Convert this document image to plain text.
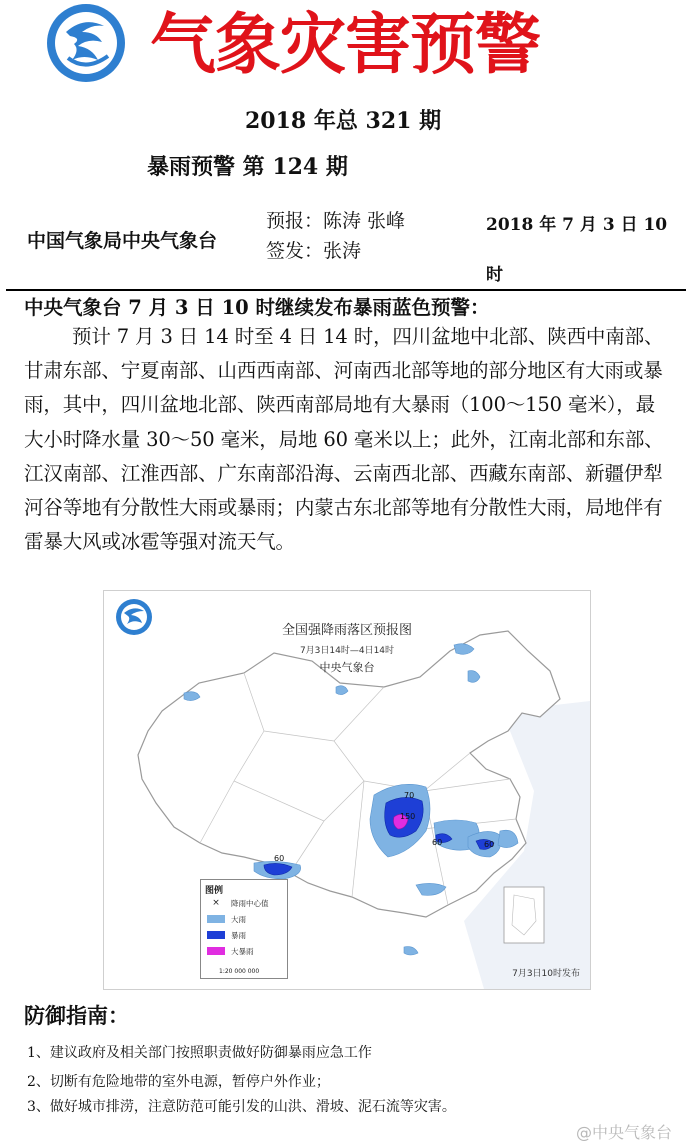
气象灾害预警
2018 年总 321 期
暴雨预警 第 124 期
中国气象局中央气象台
预报：陈涛 张峰
签发：张涛
2018 年 7 月 3 日 10 时
中央气象台 7 月 3 日 10 时继续发布暴雨蓝色预警：

预计 7 月 3 日 14 时至 4 日 14 时，四川盆地中北部、陕西中南部、甘肃东部、宁夏南部、山西西南部、河南西北部等地的部分地区有大雨或暴雨，其中，四川盆地北部、陕西南部局地有大暴雨（100～150 毫米），最大小时降水量 30～50 毫米，局地 60 毫米以上；此外，江南北部和东部、江汉南部、江淮西部、广东南部沿海、云南西北部、西藏东南部、新疆伊犁河谷等地有分散性大雨或暴雨；内蒙古东北部等地有分散性大雨，局地伴有雷暴大风或冰雹等强对流天气。

70
150
60	60
60
全国强降雨落区预报图
7月3日14时—4日14时
中央气象台
图例
×	降雨中心值
大雨
暴雨
大暴雨
1:20 000 000	7月3日10时发布
防御指南：
1、建议政府及相关部门按照职责做好防御暴雨应急工作
2、切断有危险地带的室外电源，暂停户外作业；
3、做好城市排涝，注意防范可能引发的山洪、滑坡、泥石流等灾害。
@中央气象台
